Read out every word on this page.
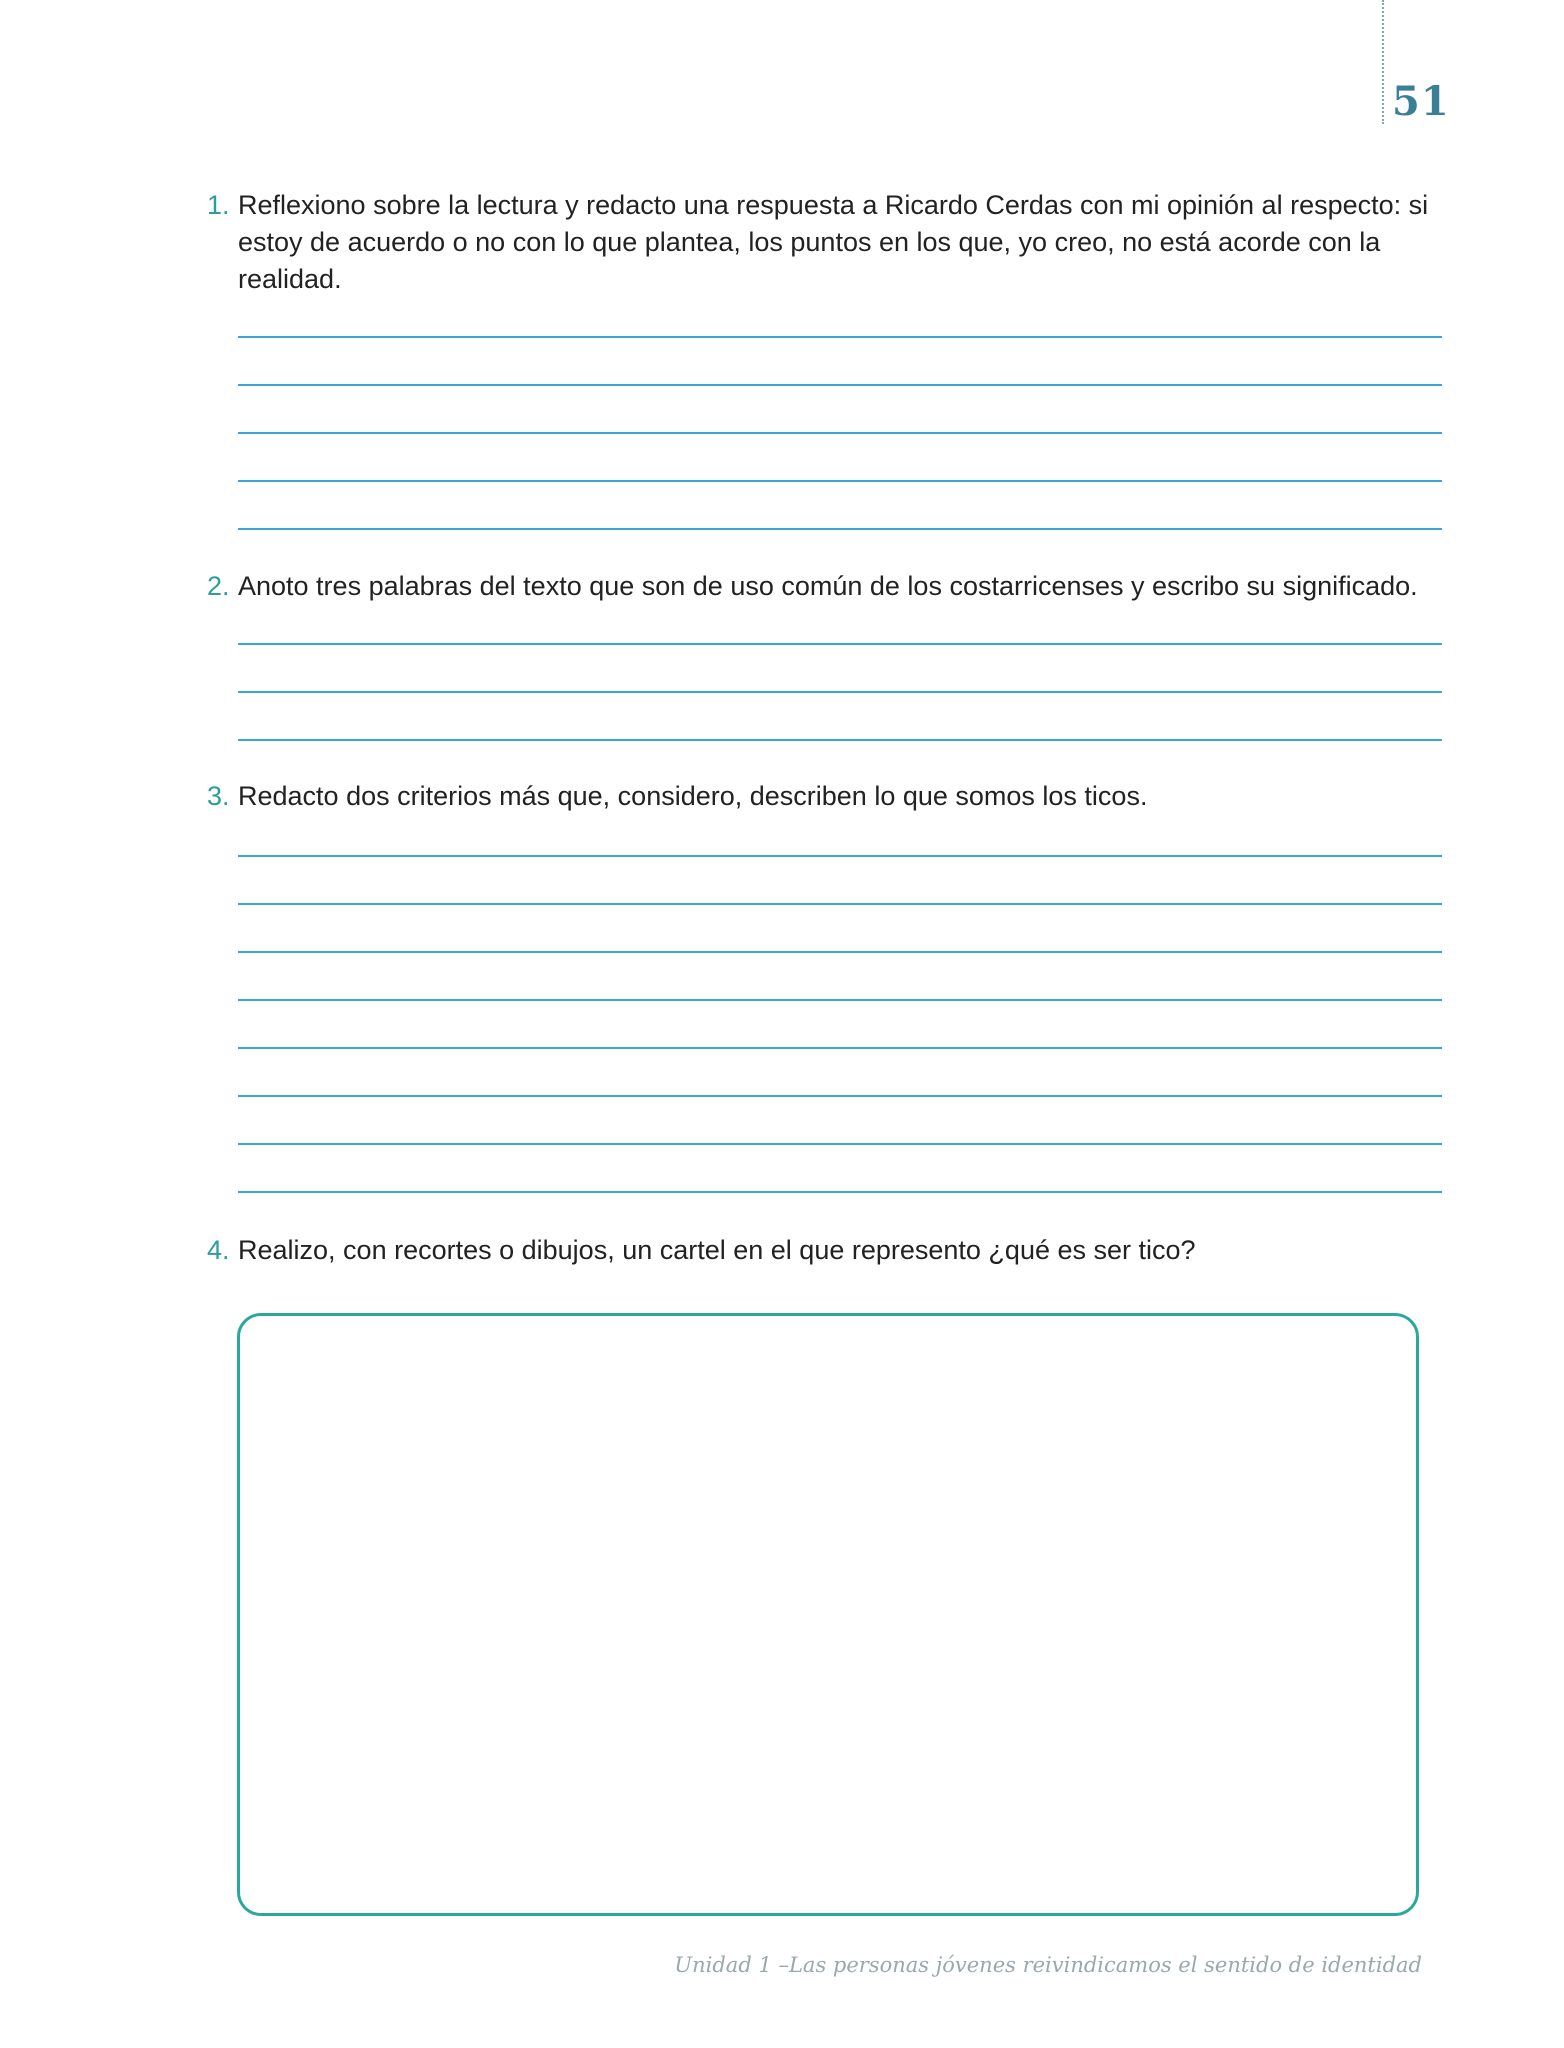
51
1. Reflexiono sobre la lectura y redacto una respuesta a Ricardo Cerdas con mi opinión al respecto: si estoy de acuerdo o no con lo que plantea, los puntos en los que, yo creo, no está acorde con la realidad.
2. Anoto tres palabras del texto que son de uso común de los costarricenses y escribo su significado.
3. Redacto dos criterios más que, considero, describen lo que somos los ticos.
4. Realizo, con recortes o dibujos, un cartel en el que represento ¿qué es ser tico?
Unidad 1 –Las personas jóvenes reivindicamos el sentido de identidad
